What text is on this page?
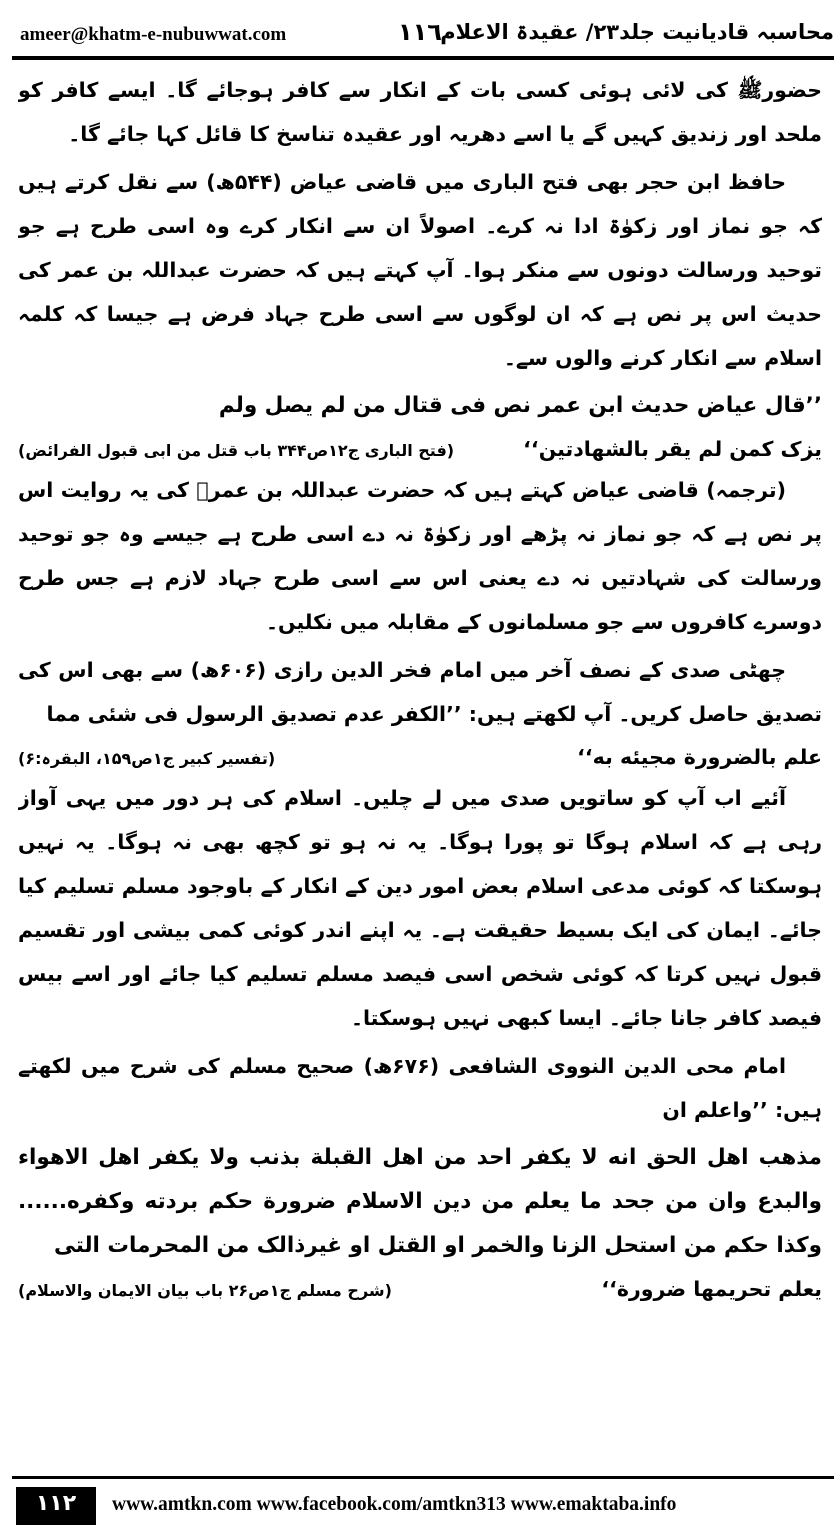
ameer@khatm-e-nubuwwat.com	١١٦
محاسبہ قادیانیت جلد۲۳/ عقیدۃ الاعلام

حضورﷺ کی لائی ہوئی کسی بات کے انکار سے کافر ہوجائے گا۔ ایسے کافر کو ملحد اور زندیق کہیں گے یا اسے دھریہ اور عقیدہ تناسخ کا قائل کہا جائے گا۔

حافظ ابن حجر بھی فتح الباری میں قاضی عیاض (۵۴۴ھ) سے نقل کرتے ہیں کہ جو نماز اور زکوٰۃ ادا نہ کرے۔ اصولاً ان سے انکار کرے وہ اسی طرح ہے جو توحید ورسالت دونوں سے منکر ہوا۔ آپ کہتے ہیں کہ حضرت عبداللہ بن عمر کی حدیث اس پر نص ہے کہ ان لوگوں سے اسی طرح جہاد فرض ہے جیسا کہ کلمہ اسلام سے انکار کرنے والوں سے۔

’’قال عیاض حدیث ابن عمر نص فی قتال من لم یصل ولم

یزک کمن لم یقر بالشهادتین‘‘
(فتح الباری ج۱۲ص۳۴۴ باب قتل من ابی قبول الفرائض)

(ترجمہ) قاضی عیاض کہتے ہیں کہ حضرت عبداللہ بن عمرؓ کی یہ روایت اس پر نص ہے کہ جو نماز نہ پڑھے اور زکوٰۃ نہ دے اسی طرح ہے جیسے وہ جو توحید ورسالت کی شہادتیں نہ دے یعنی اس سے اسی طرح جہاد لازم ہے جس طرح دوسرے کافروں سے جو مسلمانوں کے مقابلہ میں نکلیں۔

چھٹی صدی کے نصف آخر میں امام فخر الدین رازی (۶۰۶ھ) سے بھی اس کی تصدیق حاصل کریں۔ آپ لکھتے ہیں: ’’الکفر عدم تصدیق الرسول فی شئی مما

علم بالضرورة مجیئه به‘‘
(تفسیر کبیر ج۱ص۱۵۹، البقرہ:۶)

آئیے اب آپ کو ساتویں صدی میں لے چلیں۔ اسلام کی ہر دور میں یہی آواز رہی ہے کہ اسلام ہوگا تو پورا ہوگا۔ یہ نہ ہو تو کچھ بھی نہ ہوگا۔ یہ نہیں ہوسکتا کہ کوئی مدعی اسلام بعض امور دین کے انکار کے باوجود مسلم تسلیم کیا جائے۔ ایمان کی ایک بسیط حقیقت ہے۔ یہ اپنے اندر کوئی کمی بیشی اور تقسیم قبول نہیں کرتا کہ کوئی شخص اسی فیصد مسلم تسلیم کیا جائے اور اسے بیس فیصد کافر جانا جائے۔ ایسا کبھی نہیں ہوسکتا۔

امام محی الدین النووی الشافعی (۶۷۶ھ) صحیح مسلم کی شرح میں لکھتے ہیں: ’’واعلم ان

مذهب اهل الحق انه لا یکفر احد من اهل القبلة بذنب ولا یکفر اهل الاهواء والبدع وان من جحد ما یعلم من دین الاسلام ضرورة حکم بردته وکفره...... وکذا حکم من استحل الزنا والخمر او القتل او غیرذالک من المحرمات التی

یعلم تحریمها ضرورة‘‘
(شرح مسلم ج۱ص۲۶ باب بیان الایمان والاسلام)
١١٢	www.amtkn.com www.facebook.com/amtkn313 www.emaktaba.info
